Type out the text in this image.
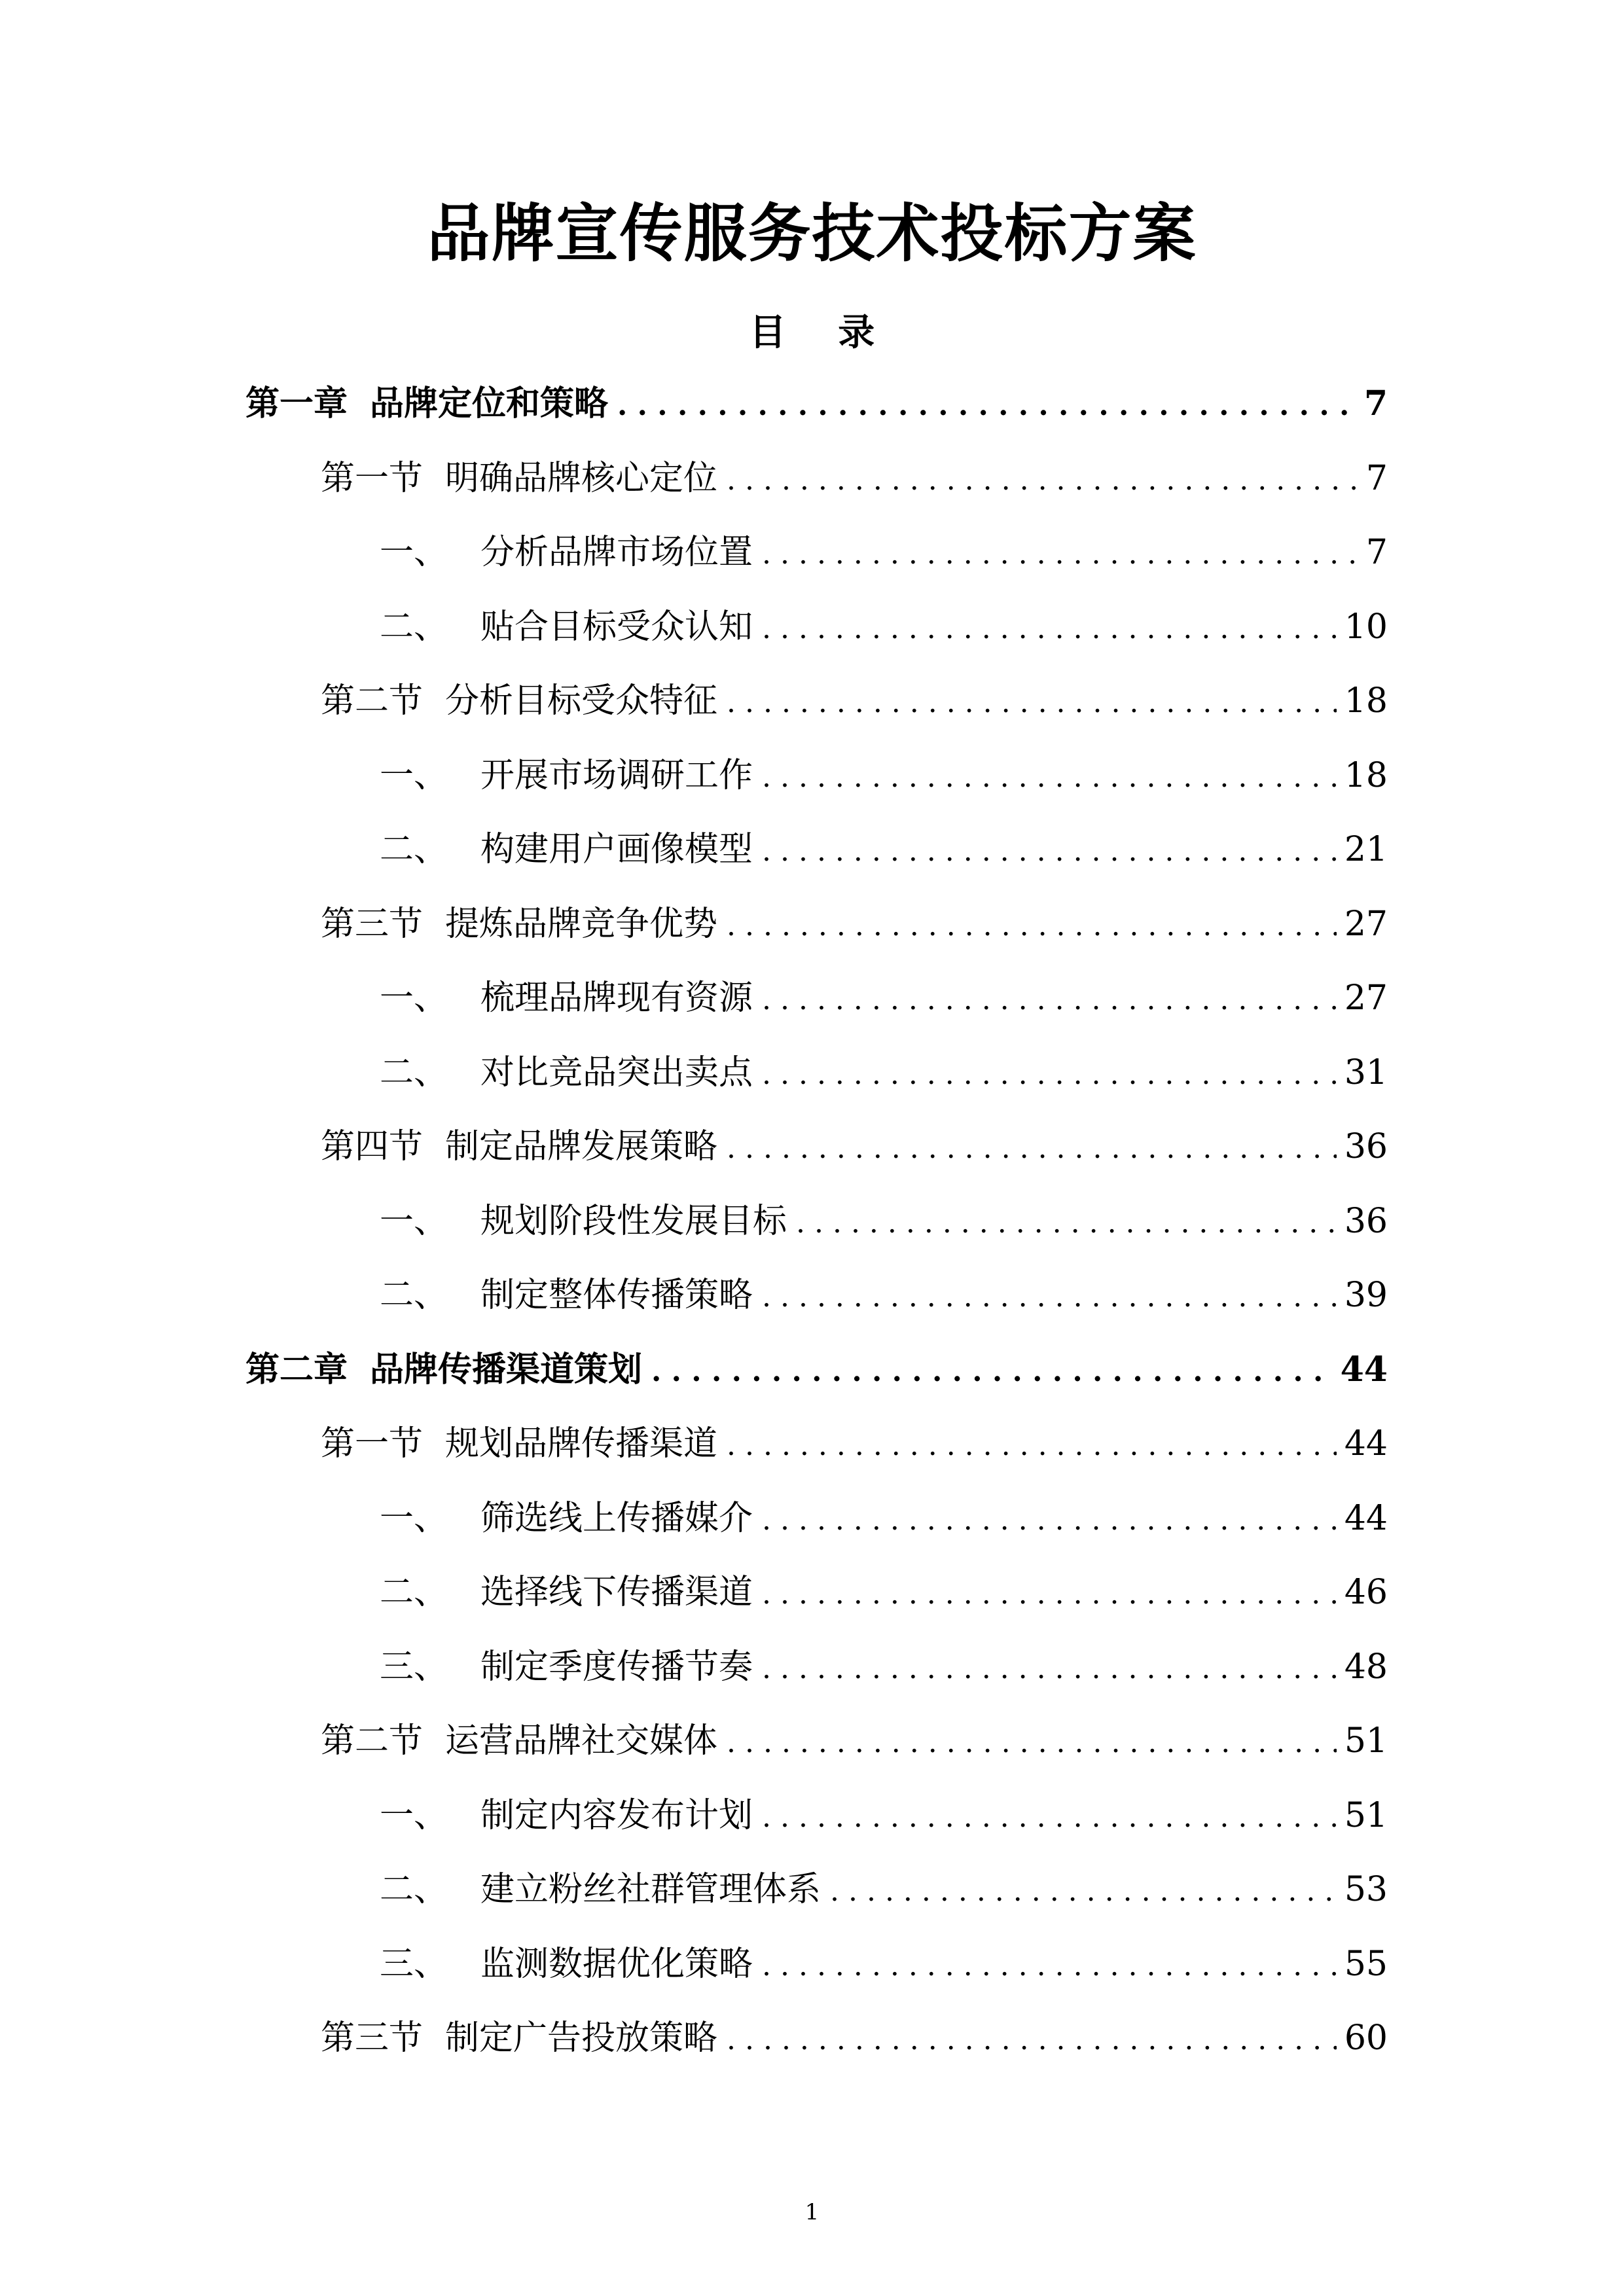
品牌宣传服务技术投标方案
目 录
第一章 品牌定位和策略 . . .	7
第一节 明确品牌核心定位 . . .	7
一、 分析品牌市场位置 . . .	7
二、 贴合目标受众认知 . . .	10
第二节 分析目标受众特征 . . .	18
一、 开展市场调研工作 . . .	18
二、 构建用户画像模型 . . .	21
第三节 提炼品牌竞争优势 . . .	27
一、 梳理品牌现有资源 . . .	27
二、 对比竞品突出卖点 . . .	31
第四节 制定品牌发展策略 . . .	36
一、 规划阶段性发展目标 . . .	36
二、 制定整体传播策略 . . .	39
第二章 品牌传播渠道策划 . . .	44
第一节 规划品牌传播渠道 . . .	44
一、 筛选线上传播媒介 . . .	44
二、 选择线下传播渠道 . . .	46
三、 制定季度传播节奏 . . .	48
第二节 运营品牌社交媒体 . . .	51
一、 制定内容发布计划 . . .	51
二、 建立粉丝社群管理体系 . . .	53
三、 监测数据优化策略 . . .	55
第三节 制定广告投放策略 . . .	60
1
